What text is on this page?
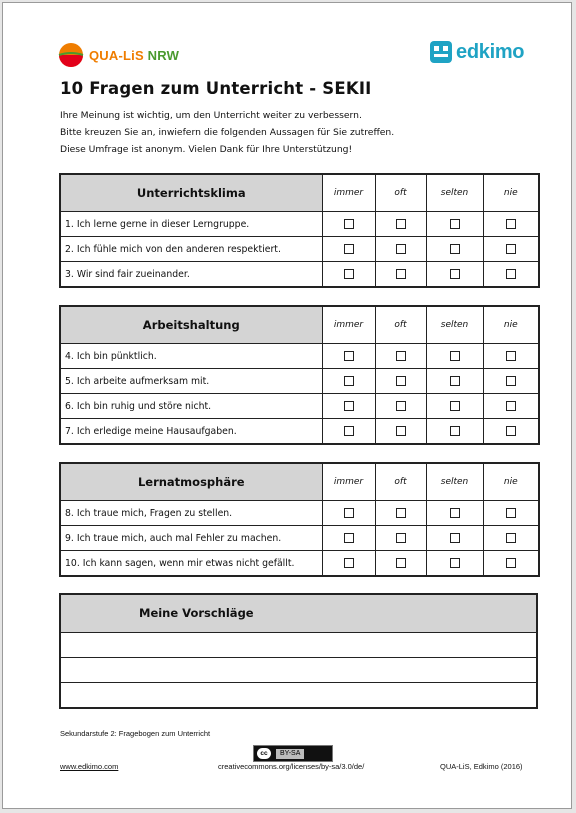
QUA-LiS NRW	edkimo
10 Fragen zum Unterricht - SEKII
Ihre Meinung ist wichtig, um den Unterricht weiter zu verbessern.
Bitte kreuzen Sie an, inwiefern die folgenden Aussagen für Sie zutreffen.
Diese Umfrage ist anonym. Vielen Dank für Ihre Unterstützung!
Unterrichtsklima	immer	oft	selten	nie
1. Ich lerne gerne in dieser Lerngruppe.				
2. Ich fühle mich von den anderen respektiert.				
3. Wir sind fair zueinander.				
Arbeitshaltung	immer	oft	selten	nie
4. Ich bin pünktlich.				
5. Ich arbeite aufmerksam mit.				
6. Ich bin ruhig und störe nicht.				
7. Ich erledige meine Hausaufgaben.				
Lernatmosphäre	immer	oft	selten	nie
8. Ich traue mich, Fragen zu stellen.				
9. Ich traue mich, auch mal Fehler zu machen.				
10. Ich kann sagen, wenn mir etwas nicht gefällt.				
Meine Vorschläge
Sekundarstufe 2: Fragebogen zum Unterricht
cc	BY-SA
www.edkimo.com	creativecommons.org/licenses/by-sa/3.0/de/	QUA-LiS, Edkimo (2016)
